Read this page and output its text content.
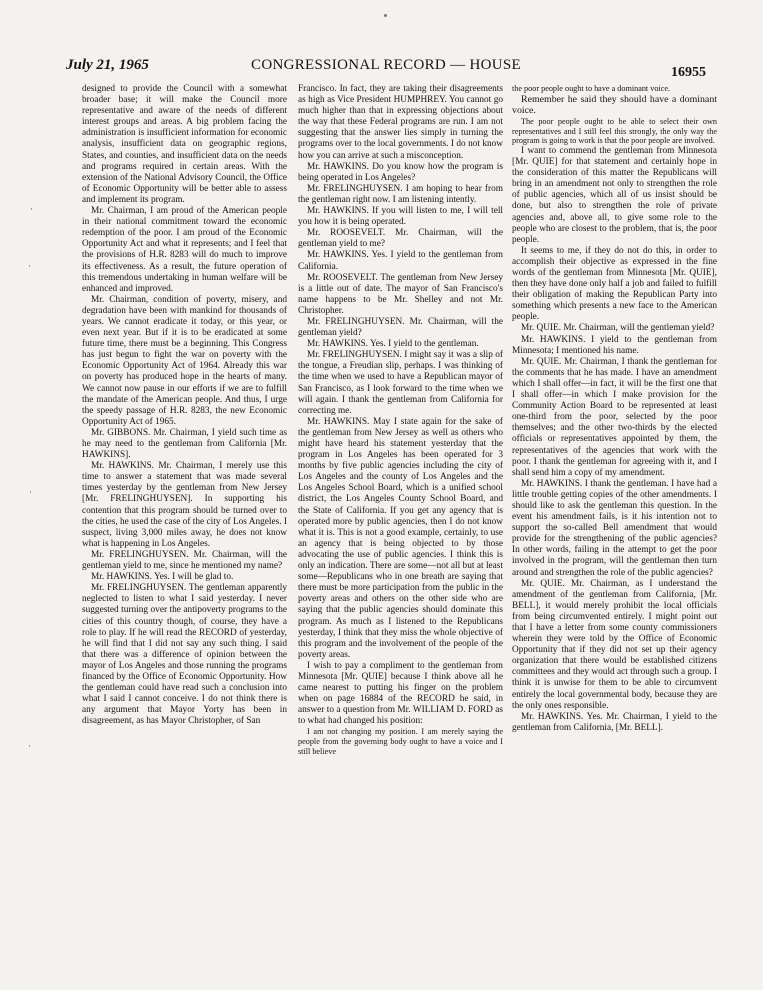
July 21, 1965	CONGRESSIONAL RECORD — HOUSE	16955
·
·
·
·

designed to provide the Council with a somewhat broader base; it will make the Council more representative and aware of the needs of different interest groups and areas. A big problem facing the administration is insufficient information for economic analysis, insufficient data on geographic regions, States, and counties, and insufficient data on the needs and programs required in certain areas. With the extension of the National Advisory Council, the Office of Economic Opportunity will be better able to assess and implement its program.

Mr. Chairman, I am proud of the American people in their national commitment toward the economic redemption of the poor. I am proud of the Economic Opportunity Act and what it represents; and I feel that the provisions of H.R. 8283 will do much to improve its effectiveness. As a result, the future operation of this tremendous undertaking in human welfare will be enhanced and improved.

Mr. Chairman, condition of poverty, misery, and degradation have been with mankind for thousands of years. We cannot eradicate it today, or this year, or even next year. But if it is to be eradicated at some future time, there must be a beginning. This Congress has just begun to fight the war on poverty with the Economic Opportunity Act of 1964. Already this war on poverty has produced hope in the hearts of many. We cannot now pause in our efforts if we are to fulfill the mandate of the American people. And thus, I urge the speedy passage of H.R. 8283, the new Economic Opportunity Act of 1965.

Mr. GIBBONS. Mr. Chairman, I yield such time as he may need to the gentleman from California [Mr. HAWKINS].

Mr. HAWKINS. Mr. Chairman, I merely use this time to answer a statement that was made several times yesterday by the gentleman from New Jersey [Mr. FRELINGHUYSEN]. In supporting his contention that this program should be turned over to the cities, he used the case of the city of Los Angeles. I suspect, living 3,000 miles away, he does not know what is happening in Los Angeles.

Mr. FRELINGHUYSEN. Mr. Chairman, will the gentleman yield to me, since he mentioned my name?

Mr. HAWKINS. Yes. I will be glad to.

Mr. FRELINGHUYSEN. The gentleman apparently neglected to listen to what I said yesterday. I never suggested turning over the antipoverty programs to the cities of this country though, of course, they have a role to play. If he will read the RECORD of yesterday, he will find that I did not say any such thing. I said that there was a difference of opinion between the mayor of Los Angeles and those running the programs financed by the Office of Economic Opportunity. How the gentleman could have read such a conclusion into what I said I cannot conceive. I do not think there is any argument that Mayor Yorty has been in disagreement, as has Mayor Christopher, of San

Francisco. In fact, they are taking their disagreements as high as Vice President HUMPHREY. You cannot go much higher than that in expressing objections about the way that these Federal programs are run. I am not suggesting that the answer lies simply in turning the programs over to the local governments. I do not know how you can arrive at such a misconception.

Mr. HAWKINS. Do you know how the program is being operated in Los Angeles?

Mr. FRELINGHUYSEN. I am hoping to hear from the gentleman right now. I am listening intently.

Mr. HAWKINS. If you will listen to me, I will tell you how it is being operated.

Mr. ROOSEVELT. Mr. Chairman, will the gentleman yield to me?

Mr. HAWKINS. Yes. I yield to the gentleman from California.

Mr. ROOSEVELT. The gentleman from New Jersey is a little out of date. The mayor of San Francisco's name happens to be Mr. Shelley and not Mr. Christopher.

Mr. FRELINGHUYSEN. Mr. Chairman, will the gentleman yield?

Mr. HAWKINS. Yes. I yield to the gentleman.

Mr. FRELINGHUYSEN. I might say it was a slip of the tongue, a Freudian slip, perhaps. I was thinking of the time when we used to have a Republican mayor of San Francisco, as I look forward to the time when we will again. I thank the gentleman from California for correcting me.

Mr. HAWKINS. May I state again for the sake of the gentleman from New Jersey as well as others who might have heard his statement yesterday that the program in Los Angeles has been operated for 3 months by five public agencies including the city of Los Angeles and the county of Los Angeles and the Los Angeles School Board, which is a unified school district, the Los Angeles County School Board, and the State of California. If you get any agency that is operated more by public agencies, then I do not know what it is. This is not a good example, certainly, to use an agency that is being objected to by those advocating the use of public agencies. I think this is only an indication. There are some—not all but at least some—Republicans who in one breath are saying that there must be more participation from the public in the poverty areas and others on the other side who are saying that the public agencies should dominate this program. As much as I listened to the Republicans yesterday, I think that they miss the whole objective of this program and the involvement of the people of the poverty areas.

I wish to pay a compliment to the gentleman from Minnesota [Mr. QUIE] because I think above all he came nearest to putting his finger on the problem when on page 16884 of the RECORD he said, in answer to a question from Mr. WILLIAM D. FORD as to what had changed his position:

I am not changing my position. I am merely saying the people from the governing body ought to have a voice and I still believe

the poor people ought to have a dominant voice.

Remember he said they should have a dominant voice.

The poor people ought to be able to select their own representatives and I still feel this strongly, the only way the program is going to work is that the poor people are involved.

I want to commend the gentleman from Minnesota [Mr. QUIE] for that statement and certainly hope in the consideration of this matter the Republicans will bring in an amendment not only to strengthen the role of public agencies, which all of us insist should be done, but also to strengthen the role of private agencies and, above all, to give some role to the people who are closest to the problem, that is, the poor people.

It seems to me, if they do not do this, in order to accomplish their objective as expressed in the fine words of the gentleman from Minnesota [Mr. QUIE], then they have done only half a job and failed to fulfill their obligation of making the Republican Party into something which presents a new face to the American people.

Mr. QUIE. Mr. Chairman, will the gentleman yield?

Mr. HAWKINS. I yield to the gentleman from Minnesota; I mentioned his name.

Mr. QUIE. Mr. Chairman, I thank the gentleman for the comments that he has made. I have an amendment which I shall offer—in fact, it will be the first one that I shall offer—in which I make provision for the Community Action Board to be represented at least one-third from the poor, selected by the poor themselves; and the other two-thirds by the elected officials or representatives appointed by them, the representatives of the agencies that work with the poor. I thank the gentleman for agreeing with it, and I shall send him a copy of my amendment.

Mr. HAWKINS. I thank the gentleman. I have had a little trouble getting copies of the other amendments. I should like to ask the gentleman this question. In the event his amendment fails, is it his intention not to support the so-called Bell amendment that would provide for the strengthening of the public agencies? In other words, failing in the attempt to get the poor involved in the program, will the gentleman then turn around and strengthen the role of the public agencies?

Mr. QUIE. Mr. Chairman, as I understand the amendment of the gentleman from California, [Mr. BELL], it would merely prohibit the local officials from being circumvented entirely. I might point out that I have a letter from some county commissioners wherein they were told by the Office of Economic Opportunity that if they did not set up their agency organization that there would be established citizens committees and they would act through such a group. I think it is unwise for them to be able to circumvent entirely the local governmental body, because they are the only ones responsible.

Mr. HAWKINS. Yes. Mr. Chairman, I yield to the gentleman from California, [Mr. BELL].
